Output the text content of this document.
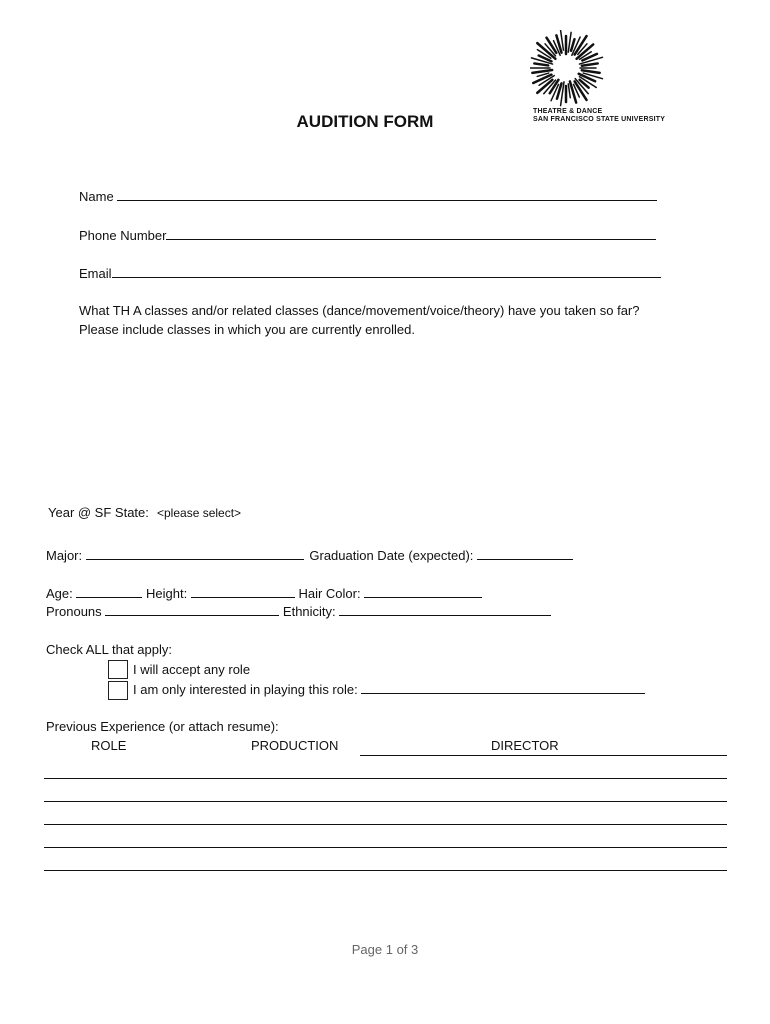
THEATRE & DANCE
SAN FRANCISCO STATE UNIVERSITY
AUDITION FORM
Name
Phone Number
Email
What TH A classes and/or related classes (dance/movement/voice/theory) have you taken so far? Please include classes in which you are currently enrolled.
Year @ SF State: <please select>
Major:	Graduation Date (expected):
Age:	Height:	Hair Color:
Pronouns	Ethnicity:
Check ALL that apply:
I will accept any role
I am only interested in playing this role:
Previous Experience (or attach resume):
ROLE	PRODUCTION	DIRECTOR
Page 1 of 3
